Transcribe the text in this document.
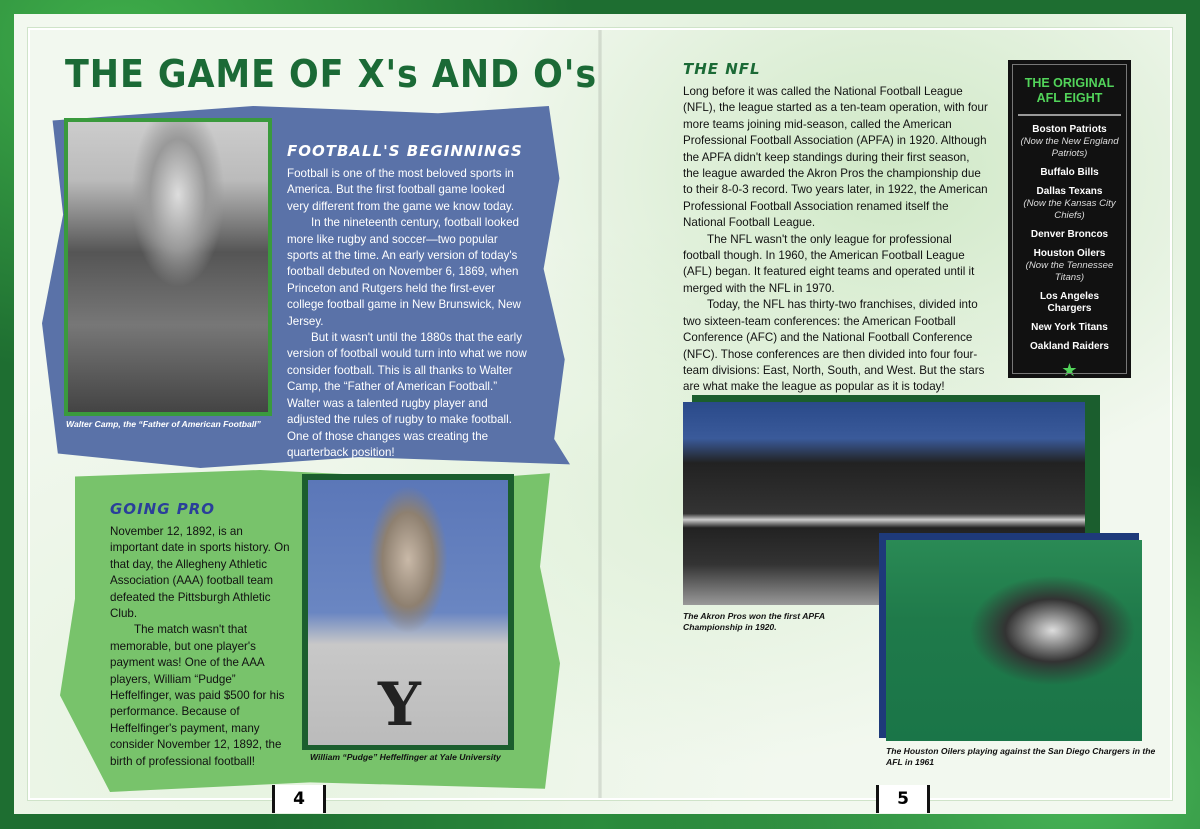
THE GAME OF X's AND O's
Walter Camp, the “Father of American Football”
FOOTBALL'S BEGINNINGS

Football is one of the most beloved sports in America. But the first football game looked very different from the game we know today.

In the nineteenth century, football looked more like rugby and soccer—two popular sports at the time. An early version of today's football debuted on November 6, 1869, when Princeton and Rutgers held the first-ever college football game in New Brunswick, New Jersey.

But it wasn't until the 1880s that the early version of football would turn into what we now consider football. This is all thanks to Walter Camp, the “Father of American Football.” Walter was a talented rugby player and adjusted the rules of rugby to make football. One of those changes was creating the quarterback position!

GOING PRO

November 12, 1892, is an important date in sports history. On that day, the Allegheny Athletic Association (AAA) football team defeated the Pittsburgh Athletic Club.

The match wasn't that memorable, but one player's payment was! One of the AAA players, William “Pudge” Heffelfinger, was paid $500 for his performance. Because of Heffelfinger's payment, many consider November 12, 1892, the birth of professional football!

Y
William “Pudge” Heffelfinger at Yale University
4
THE NFL

Long before it was called the National Football League (NFL), the league started as a ten-team operation, with four more teams joining mid-season, called the American Professional Football Association (APFA) in 1920. Although the APFA didn't keep standings during their first season, the league awarded the Akron Pros the championship due to their 8-0-3 record. Two years later, in 1922, the American Professional Football Association renamed itself the National Football League.

The NFL wasn't the only league for professional football though. In 1960, the American Football League (AFL) began. It featured eight teams and operated until it merged with the NFL in 1970.

Today, the NFL has thirty-two franchises, divided into two sixteen-team conferences: the American Football Conference (AFC) and the National Football Conference (NFC). Those conferences are then divided into four four-team divisions: East, North, South, and West. But the stars are what make the league as popular as it is today!

THE ORIGINAL AFL EIGHT
Boston Patriots
(Now the New England Patriots)
Buffalo Bills
Dallas Texans
(Now the Kansas City Chiefs)
Denver Broncos
Houston Oilers
(Now the Tennessee Titans)
Los Angeles Chargers
New York Titans
Oakland Raiders
★
The Akron Pros won the first APFA Championship in 1920.
The Houston Oilers playing against the San Diego Chargers in the AFL in 1961
5
